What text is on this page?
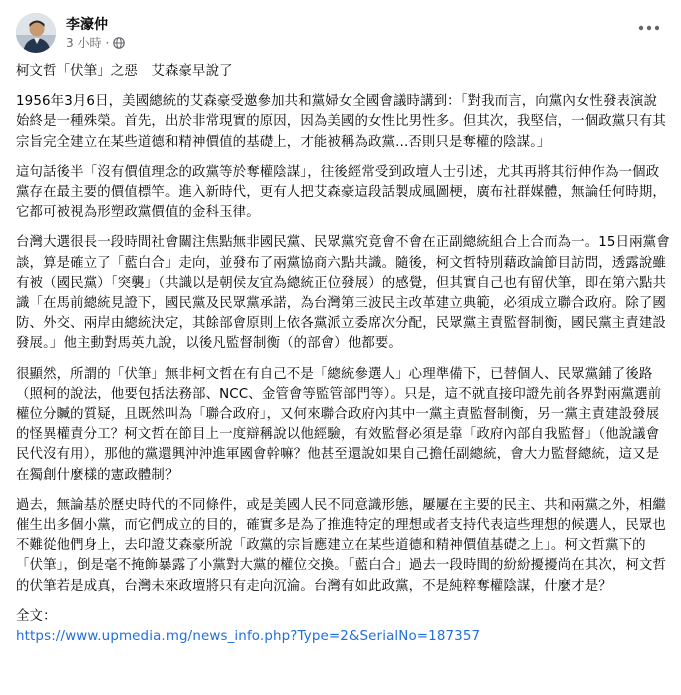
李濠仲
3 小時 ·

柯文哲「伏筆」之惡　艾森豪早說了

1956年3月6日，美國總統的艾森豪受邀參加共和黨婦女全國會議時講到：「對我而言，向黨內女性發表演說始終是一種殊榮。首先，出於非常現實的原因，因為美國的女性比男性多。但其次，我堅信，一個政黨只有其宗旨完全建立在某些道德和精神價值的基礎上，才能被稱為政黨...否則只是奪權的陰謀。」

這句話後半「沒有價值理念的政黨等於奪權陰謀」，往後經常受到政壇人士引述，尤其再將其衍伸作為一個政黨存在最主要的價值標竿。進入新時代，更有人把艾森豪這段話製成風圖梗，廣布社群媒體，無論任何時期，它都可被視為形塑政黨價值的金科玉律。

台灣大選很長一段時間社會關注焦點無非國民黨、民眾黨究竟會不會在正副總統組合上合而為一。15日兩黨會談，算是確立了「藍白合」走向，並發布了兩黨協商六點共識。隨後，柯文哲特別藉政論節目訪問，透露說雖有被（國民黨）「突襲」（共識以是朝侯友宜為總統正位發展）的感覺，但其實自己也有留伏筆，即在第六點共識「在馬前總統見證下，國民黨及民眾黨承諾，為台灣第三波民主改革建立典範，必須成立聯合政府。除了國防、外交、兩岸由總統決定，其餘部會原則上依各黨派立委席次分配，民眾黨主責監督制衡，國民黨主責建設發展。」他主動對馬英九說，以後凡監督制衡（的部會）他都要。

很顯然，所謂的「伏筆」無非柯文哲在有自己不是「總統參選人」心理準備下，已替個人、民眾黨鋪了後路（照柯的說法，他要包括法務部、NCC、金管會等監管部門等）。只是，這不就直接印證先前各界對兩黨選前權位分贓的質疑，且既然叫為「聯合政府」，又何來聯合政府內其中一黨主責監督制衡，另一黨主責建設發展的怪異權責分工？柯文哲在節目上一度辯稱說以他經驗，有效監督必須是靠「政府內部自我監督」（他說議會民代沒有用），那他的黨還興沖沖進軍國會幹嘛？他甚至還說如果自己擔任副總統，會大力監督總統，這又是在獨創什麼樣的憲政體制？

過去，無論基於歷史時代的不同條件，或是美國人民不同意識形態，屢屢在主要的民主、共和兩黨之外，相繼催生出多個小黨，而它們成立的目的，確實多是為了推進特定的理想或者支持代表這些理想的候選人，民眾也不難從他們身上，去印證艾森豪所說「政黨的宗旨應建立在某些道德和精神價值基礎之上」。柯文哲黨下的「伏筆」，倒是毫不掩飾暴露了小黨對大黨的權位交換。「藍白合」過去一段時間的紛紛擾擾尚在其次，柯文哲的伏筆若是成真，台灣未來政壇將只有走向沉淪。台灣有如此政黨，不是純粹奪權陰謀，什麼才是？

全文：

https://www.upmedia.mg/news_info.php?Type=2&SerialNo=187357
